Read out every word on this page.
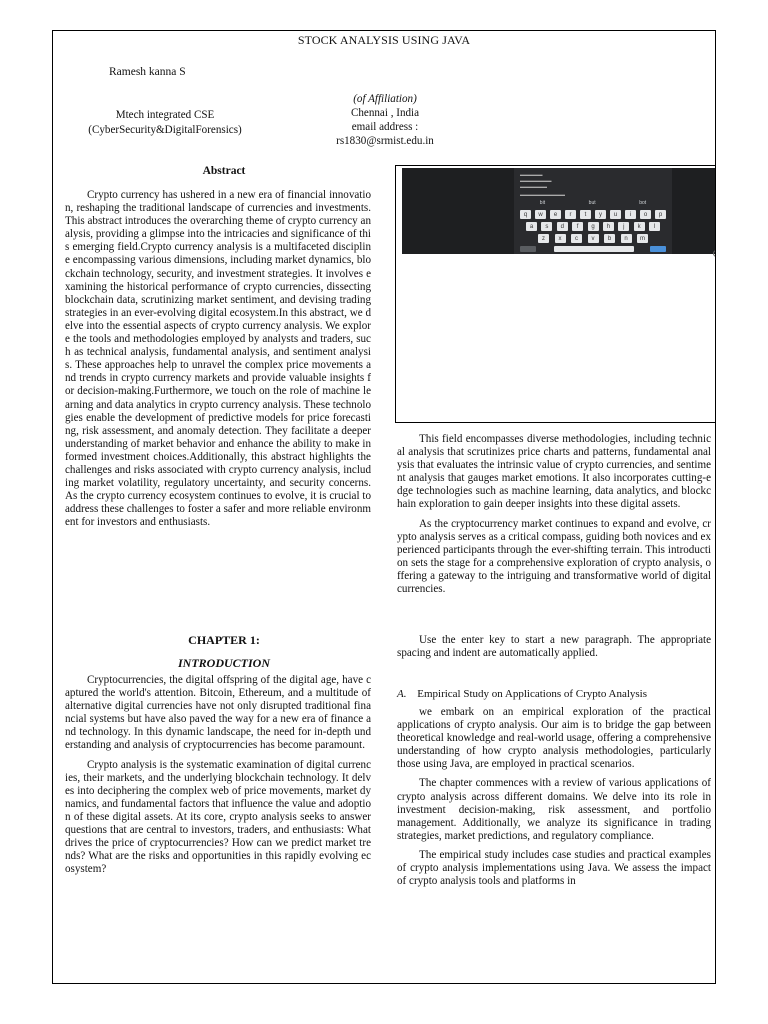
STOCK ANALYSIS USING JAVA
Ramesh kanna S
Mtech integrated CSE
(CyberSecurity&DigitalForensics)
(of Affiliation)
Chennai , India
email address :
rs1830@srmist.edu.in
Abstract

Crypto currency has ushered in a new era of financial innovation, reshaping the traditional landscape of currencies and investments. This abstract introduces the overarching theme of crypto currency analysis, providing a glimpse into the intricacies and significance of this emerging field.Crypto currency analysis is a multifaceted discipline encompassing various dimensions, including market dynamics, blockchain technology, security, and investment strategies. It involves examining the historical performance of crypto currencies, dissecting blockchain data, scrutinizing market sentiment, and devising trading strategies in an ever-evolving digital ecosystem.In this abstract, we delve into the essential aspects of crypto currency analysis. We explore the tools and methodologies employed by analysts and traders, such as technical analysis, fundamental analysis, and sentiment analysis. These approaches help to unravel the complex price movements and trends in crypto currency markets and provide valuable insights for decision-making.Furthermore, we touch on the role of machine learning and data analytics in crypto currency analysis. These technologies enable the development of predictive models for price forecasting, risk assessment, and anomaly detection. They facilitate a deeper understanding of market behavior and enhance the ability to make informed investment choices.Additionally, this abstract highlights the challenges and risks associated with crypto currency analysis, including market volatility, regulatory uncertainty, and security concerns. As the crypto currency ecosystem continues to evolve, it is crucial to address these challenges to foster a safer and more reliable environment for investors and enthusiasts.

▬▬▬▬▬
▬▬▬▬▬▬▬
▬▬▬▬▬▬
▬▬▬▬▬▬▬▬▬▬
bit	but	bot
q	w	e	r	t	y	u	i	o	p
a	s	d	f	g	h	j	k	l
z	x	c	v	b	n	m

This field encompasses diverse methodologies, including technical analysis that scrutinizes price charts and patterns, fundamental analysis that evaluates the intrinsic value of crypto currencies, and sentiment analysis that gauges market emotions. It also incorporates cutting-edge technologies such as machine learning, data analytics, and blockchain exploration to gain deeper insights into these digital assets.

As the cryptocurrency market continues to expand and evolve, crypto analysis serves as a critical compass, guiding both novices and experienced participants through the ever-shifting terrain. This introduction sets the stage for a comprehensive exploration of crypto analysis, offering a gateway to the intriguing and transformative world of digital currencies.

CHAPTER 1:
INTRODUCTION

Cryptocurrencies, the digital offspring of the digital age, have captured the world's attention. Bitcoin, Ethereum, and a multitude of alternative digital currencies have not only disrupted traditional financial systems but have also paved the way for a new era of finance and technology. In this dynamic landscape, the need for in-depth understanding and analysis of cryptocurrencies has become paramount.

Crypto analysis is the systematic examination of digital currencies, their markets, and the underlying blockchain technology. It delves into deciphering the complex web of price movements, market dynamics, and fundamental factors that influence the value and adoption of these digital assets. At its core, crypto analysis seeks to answer questions that are central to investors, traders, and enthusiasts: What drives the price of cryptocurrencies? How can we predict market trends? What are the risks and opportunities in this rapidly evolving ecosystem?

Use the enter key to start a new paragraph. The appropriate spacing and indent are automatically applied.

A. Empirical Study on Applications of Crypto Analysis

we embark on an empirical exploration of the practical applications of crypto analysis. Our aim is to bridge the gap between theoretical knowledge and real-world usage, offering a comprehensive understanding of how crypto analysis methodologies, particularly those using Java, are employed in practical scenarios.

The chapter commences with a review of various applications of crypto analysis across different domains. We delve into its role in investment decision-making, risk assessment, and portfolio management. Additionally, we analyze its significance in trading strategies, market predictions, and regulatory compliance.

The empirical study includes case studies and practical examples of crypto analysis implementations using Java. We assess the impact of crypto analysis tools and platforms in
